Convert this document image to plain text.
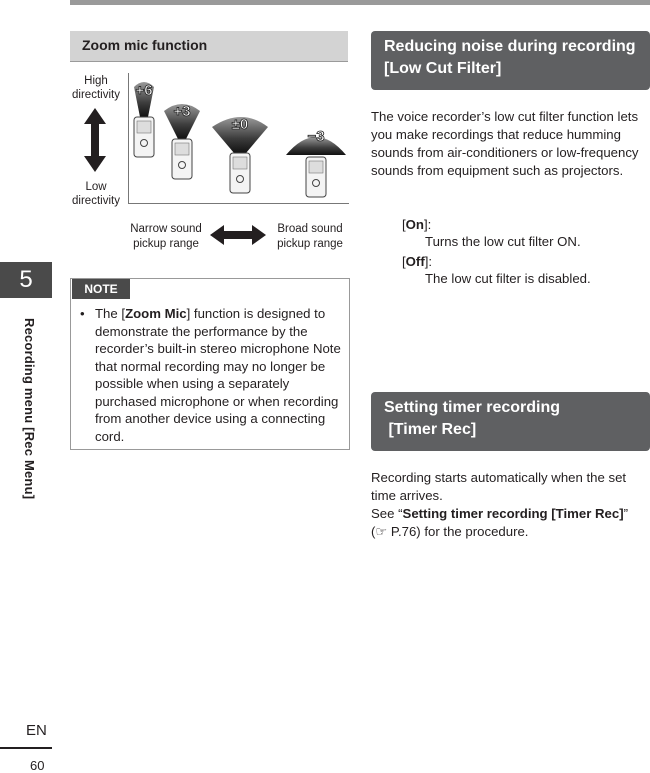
5
Recording menu [Rec Menu]
EN
60
Zoom mic function
High directivity
Low directivity
+6
+3
±0
−3
Narrow sound pickup range
Broad sound pickup range
NOTE
• The [Zoom Mic] function is designed to demonstrate the performance by the recorder’s built-in stereo microphone Note that normal recording may no longer be possible when using a separately purchased microphone or when recording from another device using a connecting cord.
Reducing noise during recording
[Low Cut Filter]
The voice recorder’s low cut filter function lets you make recordings that reduce humming sounds from air-conditioners or low-frequency sounds from equipment such as projectors.
[On]:
Turns the low cut filter ON.
[Off]:
The low cut filter is disabled.
Setting timer recording
[Timer Rec]
Recording starts automatically when the set time arrives.
See “Setting timer recording [Timer Rec]”
(☞ P.76) for the procedure.
